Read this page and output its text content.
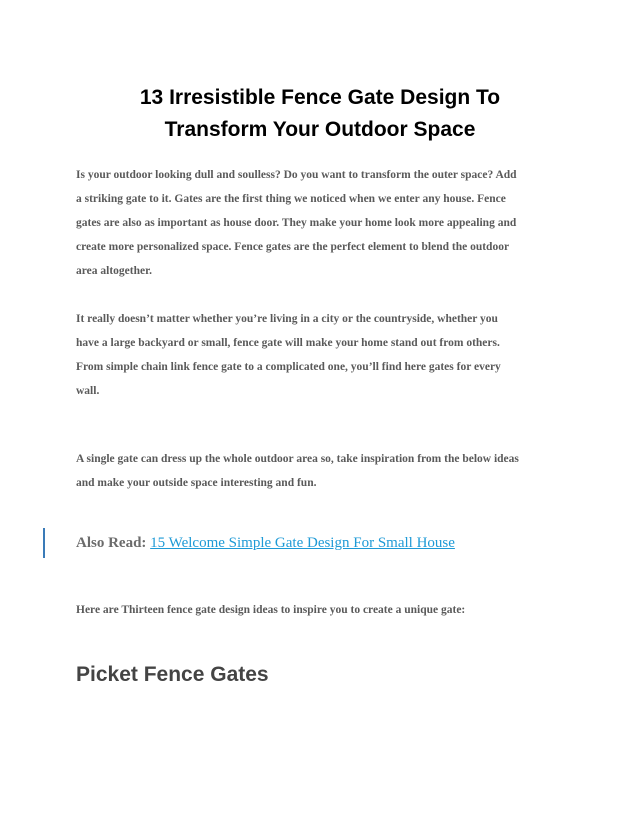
13 Irresistible Fence Gate Design To
Transform Your Outdoor Space

Is your outdoor looking dull and soulless? Do you want to transform the outer space? Add
a striking gate to it. Gates are the first thing we noticed when we enter any house. Fence
gates are also as important as house door. They make your home look more appealing and
create more personalized space. Fence gates are the perfect element to blend the outdoor
area altogether.

It really doesn’t matter whether you’re living in a city or the countryside, whether you
have a large backyard or small, fence gate will make your home stand out from others.
From simple chain link fence gate to a complicated one, you’ll find here gates for every
wall.

A single gate can dress up the whole outdoor area so, take inspiration from the below ideas
and make your outside space interesting and fun.

Also Read: 15 Welcome Simple Gate Design For Small House

Here are Thirteen fence gate design ideas to inspire you to create a unique gate:

Picket Fence Gates
